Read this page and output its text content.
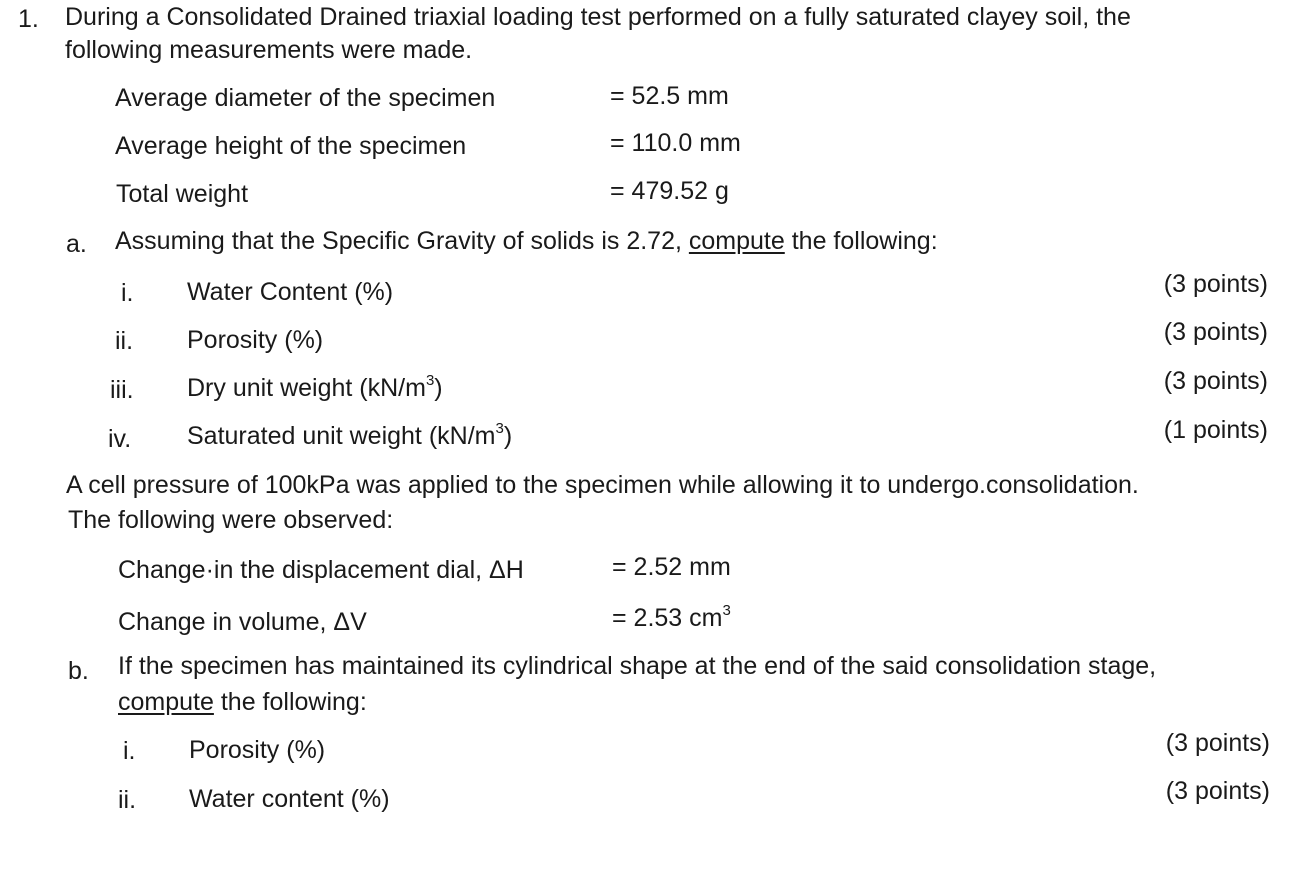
1. During a Consolidated Drained triaxial loading test performed on a fully saturated clayey soil, the
following measurements were made.
Average diameter of the specimen	= 52.5 mm
Average height of the specimen	= 110.0 mm
Total weight	= 479.52 g
a. Assuming that the Specific Gravity of solids is 2.72, compute the following:
i. Water Content (%)	(3 points)
ii. Porosity (%)	(3 points)
iii. Dry unit weight $(kN/m^3)$	(3 points)
iv. Saturated unit weight $(kN/m^3)$	(1 points)
A cell pressure of 100kPa was applied to the specimen while allowing it to undergo.consolidation.
The following were observed:
Change·in the displacement dial, ΔH	= 2.52 mm
Change in volume, ΔV	= 2.53 $cm^3$
b. If the specimen has maintained its cylindrical shape at the end of the said consolidation stage,
compute the following:
i. Porosity (%)	(3 points)
ii. Water content (%)	(3 points)
